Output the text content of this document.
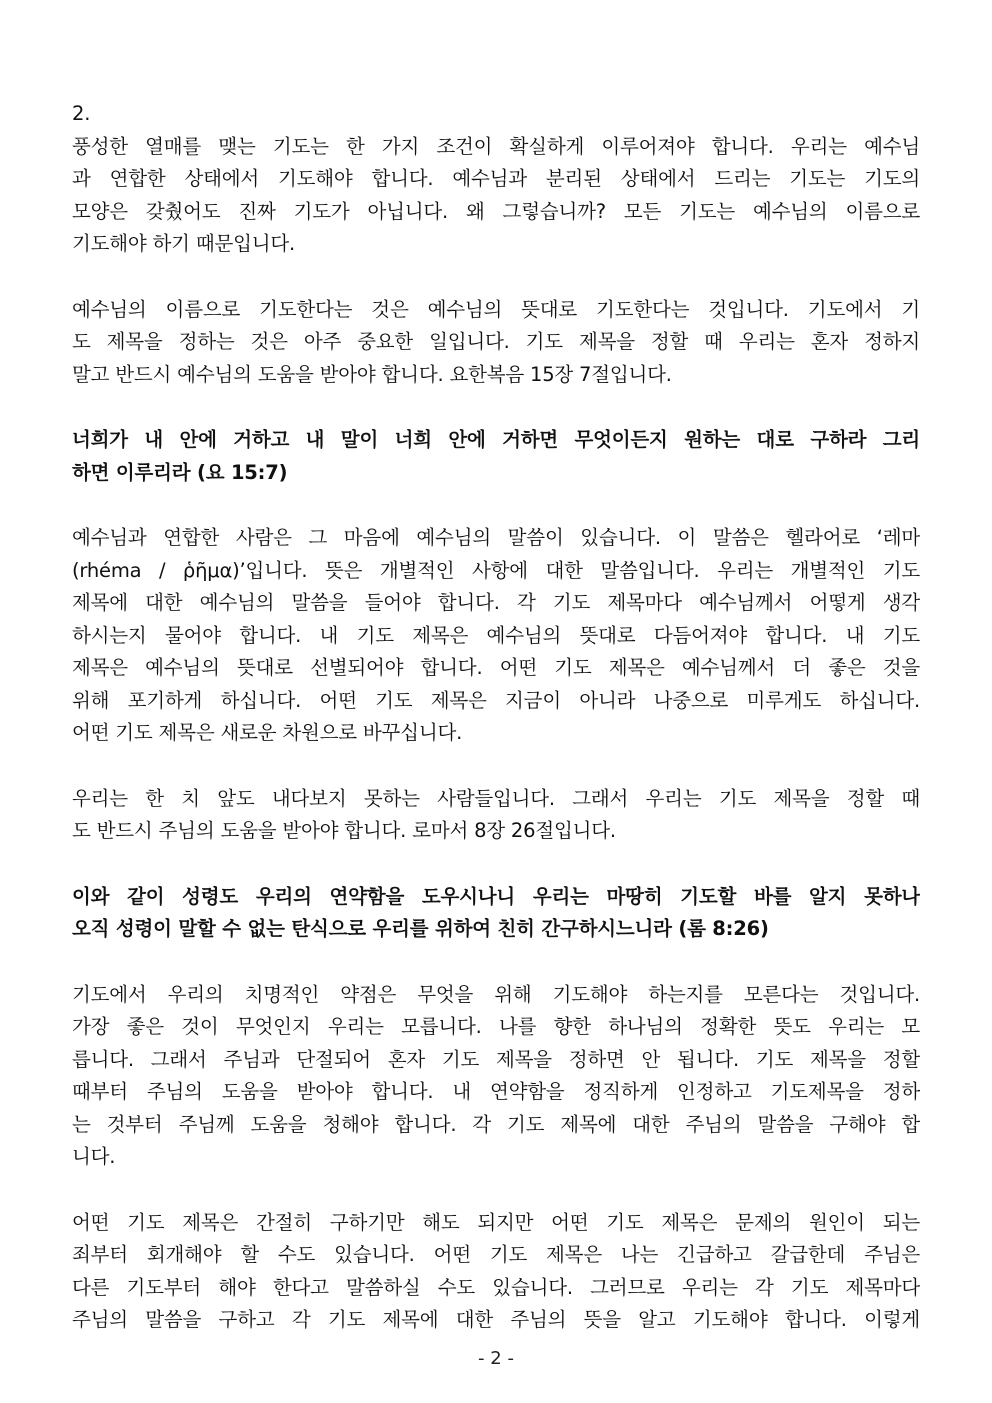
2.
풍성한 열매를 맺는 기도는 한 가지 조건이 확실하게 이루어져야 합니다. 우리는 예수님
과 연합한 상태에서 기도해야 합니다. 예수님과 분리된 상태에서 드리는 기도는 기도의
모양은 갖췄어도 진짜 기도가 아닙니다. 왜 그렇습니까? 모든 기도는 예수님의 이름으로
기도해야 하기 때문입니다.
예수님의 이름으로 기도한다는 것은 예수님의 뜻대로 기도한다는 것입니다. 기도에서 기
도 제목을 정하는 것은 아주 중요한 일입니다. 기도 제목을 정할 때 우리는 혼자 정하지
말고 반드시 예수님의 도움을 받아야 합니다. 요한복음 15장 7절입니다.
너희가 내 안에 거하고 내 말이 너희 안에 거하면 무엇이든지 원하는 대로 구하라 그리
하면 이루리라 (요 15:7)
예수님과 연합한 사람은 그 마음에 예수님의 말씀이 있습니다. 이 말씀은 헬라어로 ‘레마
(rhéma / ῥῆμα)’입니다. 뜻은 개별적인 사항에 대한 말씀입니다. 우리는 개별적인 기도
제목에 대한 예수님의 말씀을 들어야 합니다. 각 기도 제목마다 예수님께서 어떻게 생각
하시는지 물어야 합니다. 내 기도 제목은 예수님의 뜻대로 다듬어져야 합니다. 내 기도
제목은 예수님의 뜻대로 선별되어야 합니다. 어떤 기도 제목은 예수님께서 더 좋은 것을
위해 포기하게 하십니다. 어떤 기도 제목은 지금이 아니라 나중으로 미루게도 하십니다.
어떤 기도 제목은 새로운 차원으로 바꾸십니다.
우리는 한 치 앞도 내다보지 못하는 사람들입니다. 그래서 우리는 기도 제목을 정할 때
도 반드시 주님의 도움을 받아야 합니다. 로마서 8장 26절입니다.
이와 같이 성령도 우리의 연약함을 도우시나니 우리는 마땅히 기도할 바를 알지 못하나
오직 성령이 말할 수 없는 탄식으로 우리를 위하여 친히 간구하시느니라 (롬 8:26)
기도에서 우리의 치명적인 약점은 무엇을 위해 기도해야 하는지를 모른다는 것입니다.
가장 좋은 것이 무엇인지 우리는 모릅니다. 나를 향한 하나님의 정확한 뜻도 우리는 모
릅니다. 그래서 주님과 단절되어 혼자 기도 제목을 정하면 안 됩니다. 기도 제목을 정할
때부터 주님의 도움을 받아야 합니다. 내 연약함을 정직하게 인정하고 기도제목을 정하
는 것부터 주님께 도움을 청해야 합니다. 각 기도 제목에 대한 주님의 말씀을 구해야 합
니다.
어떤 기도 제목은 간절히 구하기만 해도 되지만 어떤 기도 제목은 문제의 원인이 되는
죄부터 회개해야 할 수도 있습니다. 어떤 기도 제목은 나는 긴급하고 갈급한데 주님은
다른 기도부터 해야 한다고 말씀하실 수도 있습니다. 그러므로 우리는 각 기도 제목마다
주님의 말씀을 구하고 각 기도 제목에 대한 주님의 뜻을 알고 기도해야 합니다. 이렇게
- 2 -
